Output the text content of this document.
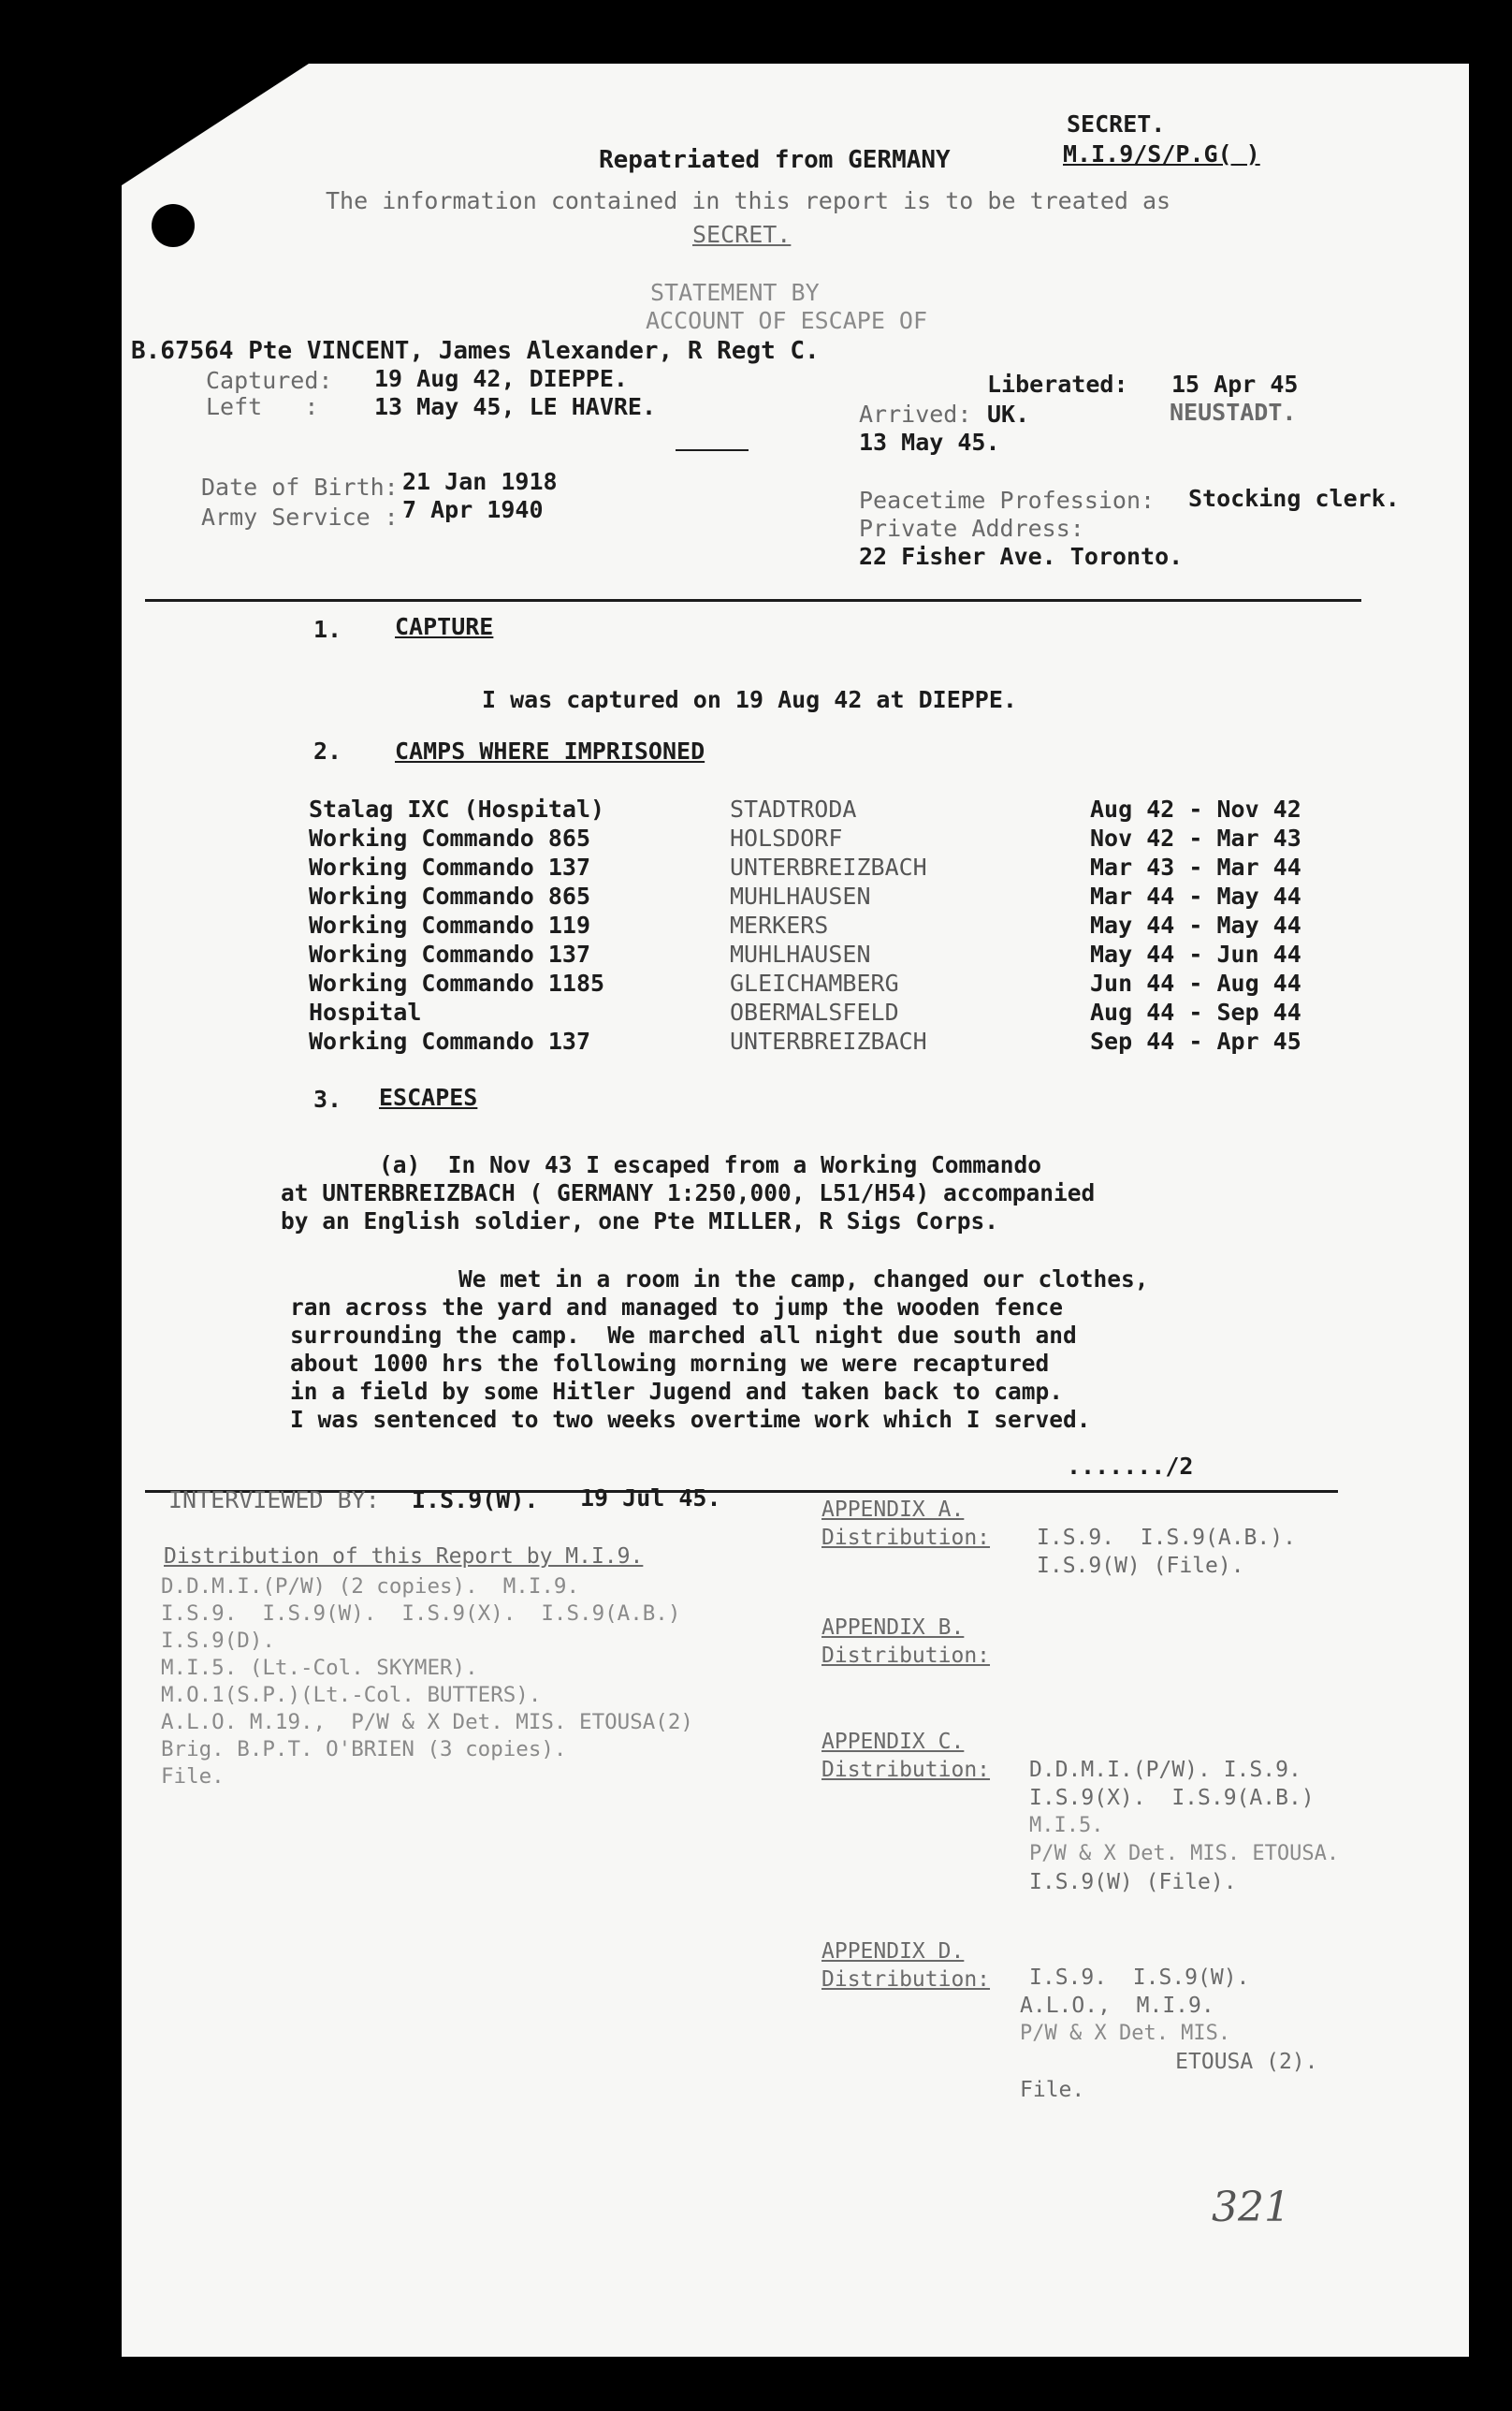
SECRET.
M.I.9/S/P.G( )
Repatriated from GERMANY
The information contained in this report is to be treated as
SECRET.
STATEMENT BY
ACCOUNT OF ESCAPE OF
B.67564 Pte VINCENT, James Alexander, R Regt C.
Captured: 19 Aug 42, DIEPPE.
Left   : 13 May 45, LE HAVRE.
Liberated: 15 Apr 45
NEUSTADT.
Arrived: UK.
13 May 45.
Date of Birth: 21 Jan 1918
Army Service : 7 Apr 1940	Peacetime Profession: Stocking clerk.
Private Address:
22 Fisher Ave. Toronto.
1. CAPTURE
I was captured on 19 Aug 42 at DIEPPE.
2. CAMPS WHERE IMPRISONED
Stalag IXC (Hospital)	STADTRODA	Aug 42 - Nov 42
Working Commando 865	HOLSDORF	Nov 42 - Mar 43
Working Commando 137	UNTERBREIZBACH	Mar 43 - Mar 44
Working Commando 865	MUHLHAUSEN	Mar 44 - May 44
Working Commando 119	MERKERS	May 44 - May 44
Working Commando 137	MUHLHAUSEN	May 44 - Jun 44
Working Commando 1185	GLEICHAMBERG	Jun 44 - Aug 44
Hospital	OBERMALSFELD	Aug 44 - Sep 44
Working Commando 137	UNTERBREIZBACH	Sep 44 - Apr 45
3. ESCAPES
(a)  In Nov 43 I escaped from a Working Commando
at UNTERBREIZBACH ( GERMANY 1:250,000, L51/H54) accompanied
by an English soldier, one Pte MILLER, R Sigs Corps.
We met in a room in the camp, changed our clothes,
ran across the yard and managed to jump the wooden fence
surrounding the camp.  We marched all night due south and
about 1000 hrs the following morning we were recaptured
in a field by some Hitler Jugend and taken back to camp.
I was sentenced to two weeks overtime work which I served.
......./2
INTERVIEWED BY: I.S.9(W). 19 Jul 45.
Distribution of this Report by M.I.9.
D.D.M.I.(P/W) (2 copies).  M.I.9.
I.S.9.  I.S.9(W).  I.S.9(X).  I.S.9(A.B.)
I.S.9(D).
M.I.5. (Lt.-Col. SKYMER).
M.O.1(S.P.)(Lt.-Col. BUTTERS).
A.L.O. M.19.,  P/W & X Det. MIS. ETOUSA(2)
Brig. B.P.T. O'BRIEN (3 copies).
File.
APPENDIX A.
Distribution: I.S.9.  I.S.9(A.B.).
I.S.9(W) (File).
APPENDIX B.
Distribution:
APPENDIX C.
Distribution: D.D.M.I.(P/W). I.S.9.
I.S.9(X).  I.S.9(A.B.)
M.I.5.
P/W & X Det. MIS. ETOUSA.
I.S.9(W) (File).
APPENDIX D.
Distribution: I.S.9.  I.S.9(W).
A.L.O.,  M.I.9.
P/W & X Det. MIS.
ETOUSA (2).
File.
321
